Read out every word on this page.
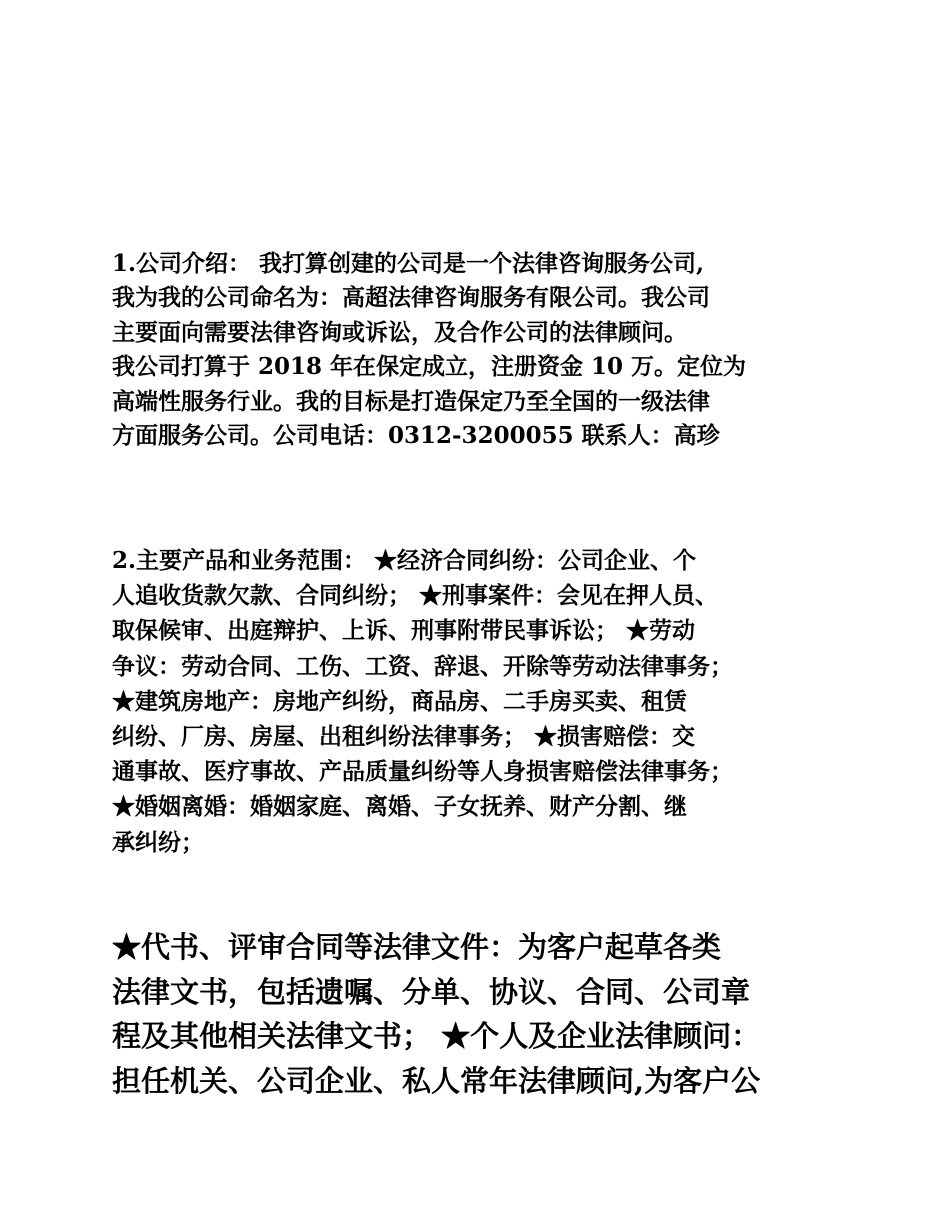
1.公司介绍： 我打算创建的公司是一个法律咨询服务公司,
我为我的公司命名为：高超法律咨询服务有限公司。我公司
主要面向需要法律咨询或诉讼，及合作公司的法律顾问。
我公司打算于 2018 年在保定成立，注册资金 10 万。定位为
高端性服务行业。我的目标是打造保定乃至全国的一级法律
方面服务公司。公司电话：0312-3200055 联系人：高珍
2.主要产品和业务范围： ★经济合同纠纷：公司企业、个
人追收货款欠款、合同纠纷； ★刑事案件：会见在押人员、
取保候审、出庭辩护、上诉、刑事附带民事诉讼； ★劳动
争议：劳动合同、工伤、工资、辞退、开除等劳动法律事务；
★建筑房地产：房地产纠纷，商品房、二手房买卖、租赁
纠纷、厂房、房屋、出租纠纷法律事务； ★损害赔偿：交
通事故、医疗事故、产品质量纠纷等人身损害赔偿法律事务；
★婚姻离婚：婚姻家庭、离婚、子女抚养、财产分割、继
承纠纷；
★代书、评审合同等法律文件：为客户起草各类
法律文书，包括遗嘱、分单、协议、合同、公司章
程及其他相关法律文书； ★个人及企业法律顾问：
担任机关、公司企业、私人常年法律顾问,为客户公
